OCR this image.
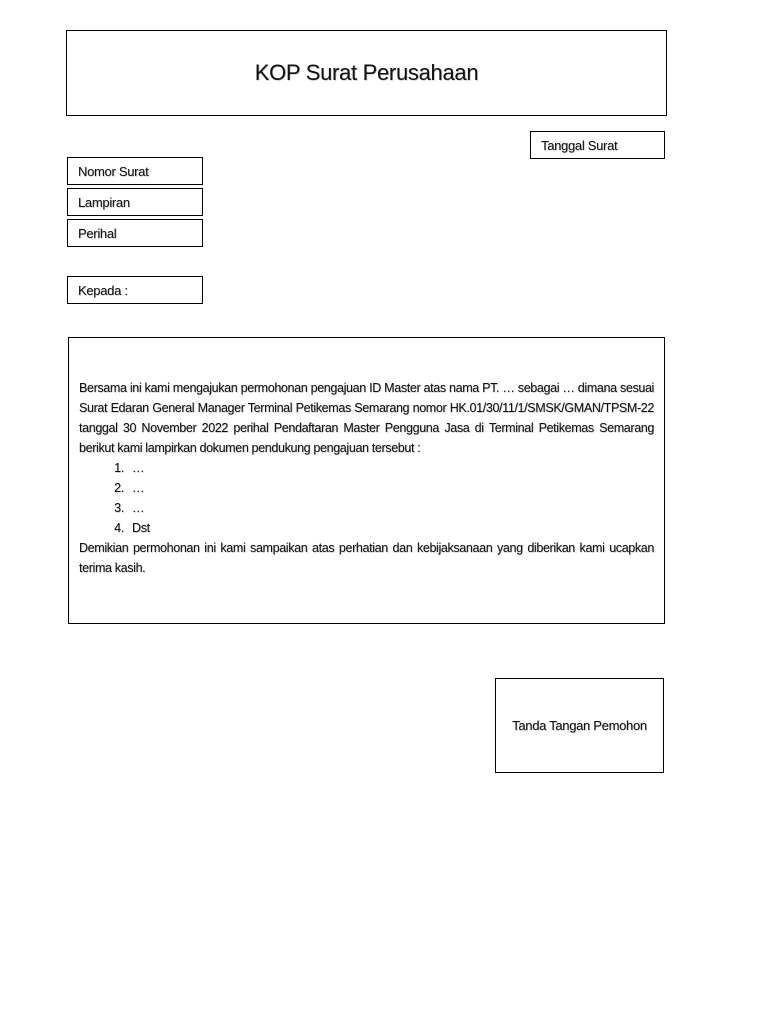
KOP Surat Perusahaan
Tanggal Surat
Nomor Surat
Lampiran
Perihal
Kepada :

Bersama ini kami mengajukan permohonan pengajuan ID Master atas nama PT. … sebagai … dimana sesuai Surat Edaran General Manager Terminal Petikemas Semarang nomor HK.01/30/11/1/SMSK/GMAN/TPSM-22 tanggal 30 November 2022 perihal Pendaftaran Master Pengguna Jasa di Terminal Petikemas Semarang berikut kami lampirkan dokumen pendukung pengajuan tersebut :

1. …
2. …
3. …
4. Dst

Demikian permohonan ini kami sampaikan atas perhatian dan kebijaksanaan yang diberikan kami ucapkan terima kasih.

Tanda Tangan Pemohon
